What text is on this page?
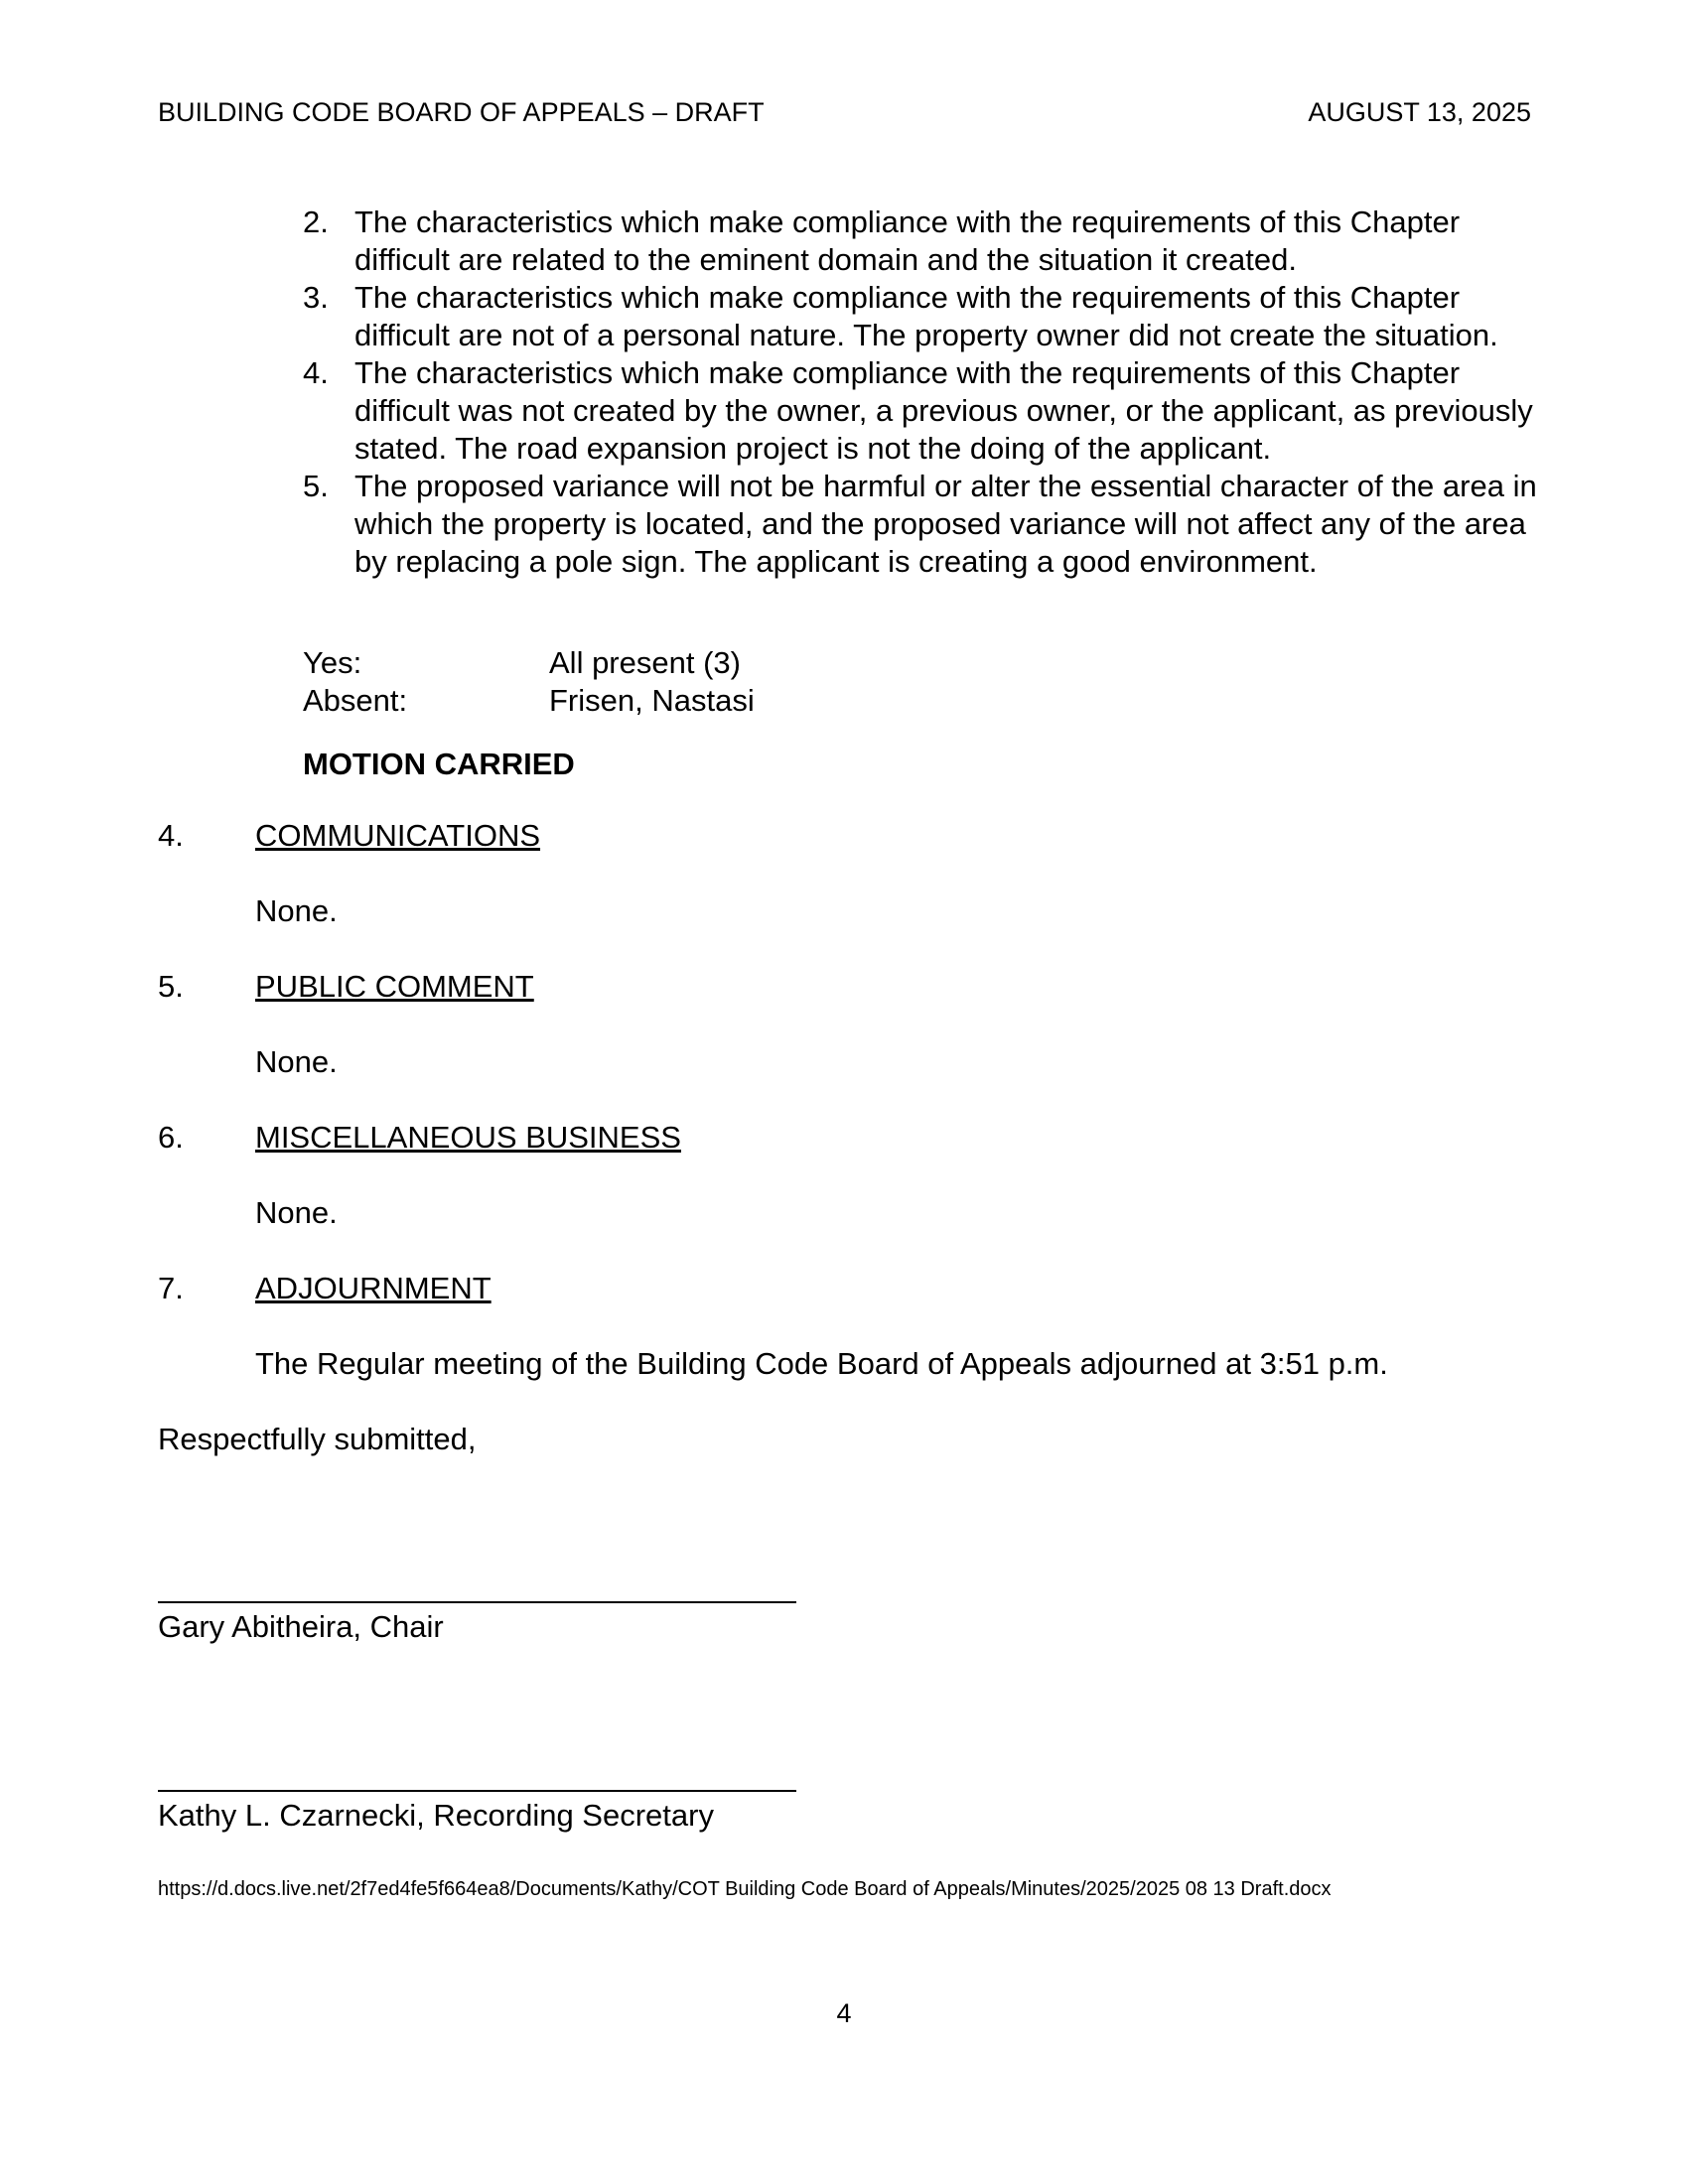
BUILDING CODE BOARD OF APPEALS – DRAFT	AUGUST 13, 2025
2. The characteristics which make compliance with the requirements of this Chapter difficult are related to the eminent domain and the situation it created.
3. The characteristics which make compliance with the requirements of this Chapter difficult are not of a personal nature. The property owner did not create the situation.
4. The characteristics which make compliance with the requirements of this Chapter difficult was not created by the owner, a previous owner, or the applicant, as previously stated. The road expansion project is not the doing of the applicant.
5. The proposed variance will not be harmful or alter the essential character of the area in which the property is located, and the proposed variance will not affect any of the area by replacing a pole sign. The applicant is creating a good environment.
Yes:	All present (3)
Absent:	Frisen, Nastasi
MOTION CARRIED
4. COMMUNICATIONS
None.
5. PUBLIC COMMENT
None.
6. MISCELLANEOUS BUSINESS
None.
7. ADJOURNMENT
The Regular meeting of the Building Code Board of Appeals adjourned at 3:51 p.m.
Respectfully submitted,
Gary Abitheira, Chair
Kathy L. Czarnecki, Recording Secretary
https://d.docs.live.net/2f7ed4fe5f664ea8/Documents/Kathy/COT Building Code Board of Appeals/Minutes/2025/2025 08 13 Draft.docx
4
